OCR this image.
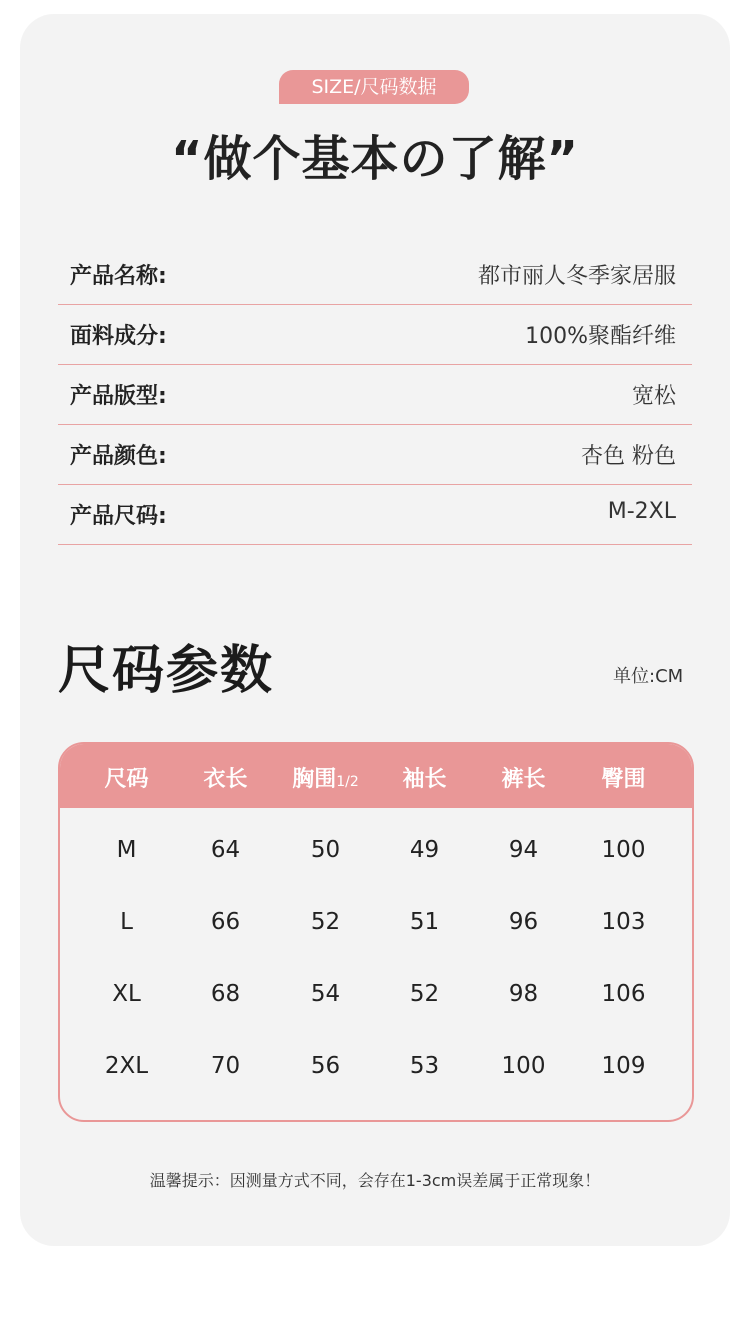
SIZE/尺码数据
“做个基本の了解”
产品名称:	都市丽人冬季家居服
面料成分:	100%聚酯纤维
产品版型:	宽松
产品颜色:	杏色 粉色
产品尺码:	M-2XL
尺码参数	单位:CM
尺码	衣长	胸围1/2	袖长	裤长	臀围
M	64	50	49	94	100
L	66	52	51	96	103
XL	68	54	52	98	106
2XL	70	56	53	100	109
温馨提示：因测量方式不同，会存在1-3cm误差属于正常现象！
